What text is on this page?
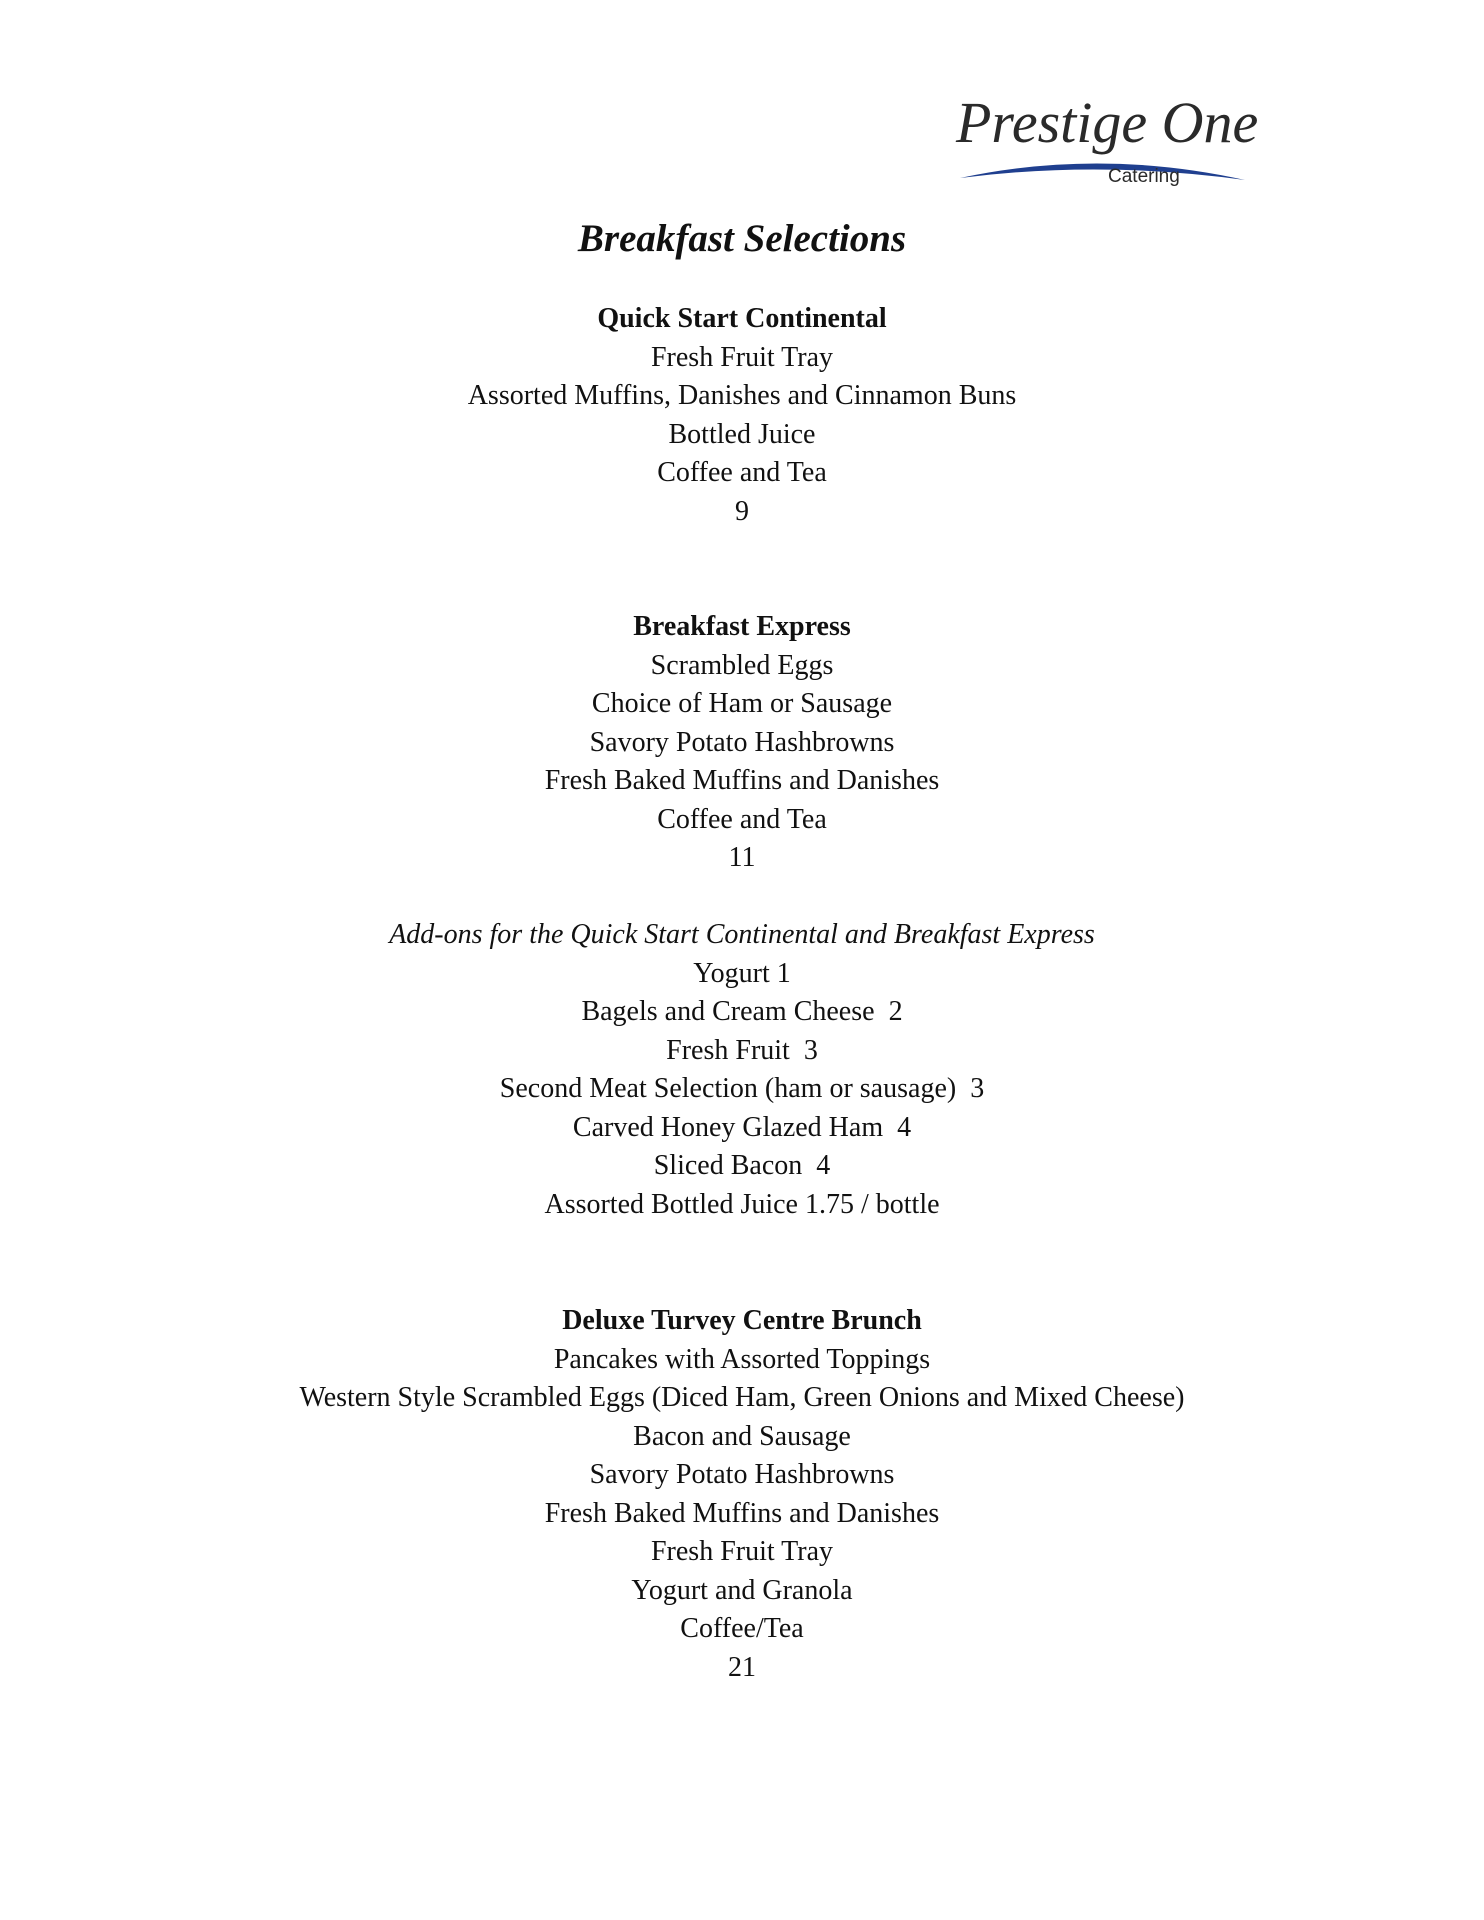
Prestige One
Catering
Breakfast Selections
Quick Start Continental
Fresh Fruit Tray
Assorted Muffins, Danishes and Cinnamon Buns
Bottled Juice
Coffee and Tea
9
Breakfast Express
Scrambled Eggs
Choice of Ham or Sausage
Savory Potato Hashbrowns
Fresh Baked Muffins and Danishes
Coffee and Tea
11
Add-ons for the Quick Start Continental and Breakfast Express
Yogurt 1
Bagels and Cream Cheese  2
Fresh Fruit  3
Second Meat Selection (ham or sausage)  3
Carved Honey Glazed Ham  4
Sliced Bacon  4
Assorted Bottled Juice 1.75 / bottle
Deluxe Turvey Centre Brunch
Pancakes with Assorted Toppings
Western Style Scrambled Eggs (Diced Ham, Green Onions and Mixed Cheese)
Bacon and Sausage
Savory Potato Hashbrowns
Fresh Baked Muffins and Danishes
Fresh Fruit Tray
Yogurt and Granola
Coffee/Tea
21
